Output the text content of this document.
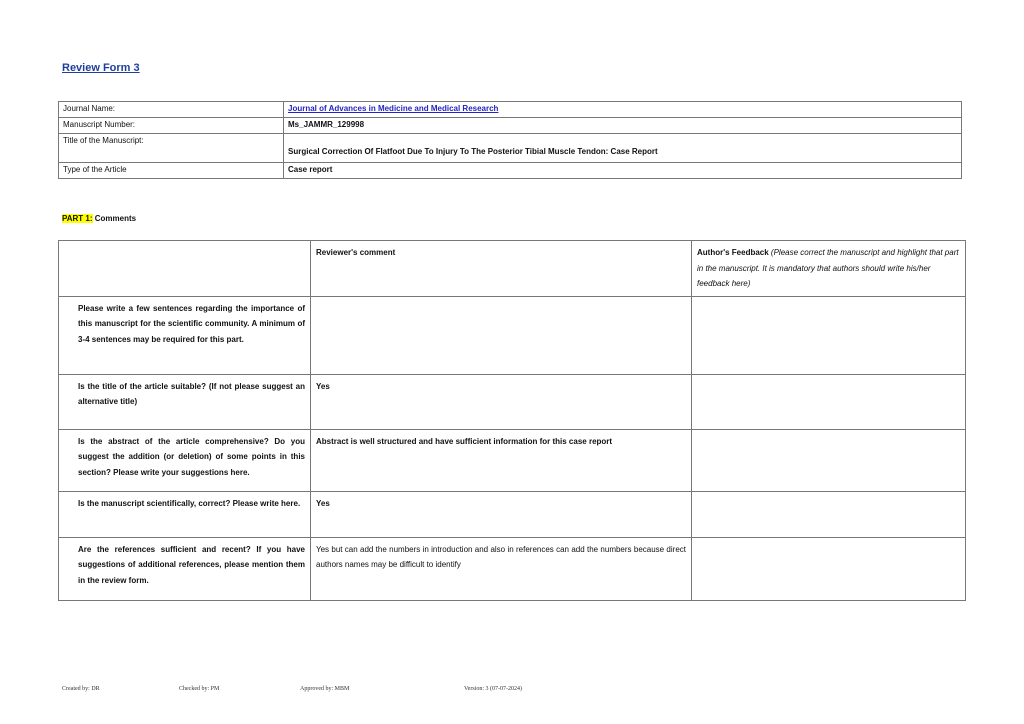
Review Form 3
Journal Name:	Journal of Advances in Medicine and Medical Research
Manuscript Number:	Ms_JAMMR_129998
Title of the Manuscript:	Surgical Correction Of Flatfoot Due To Injury To The Posterior Tibial Muscle Tendon: Case Report
Type of the Article	Case report
PART 1: Comments
	Reviewer's comment	Author's Feedback (Please correct the manuscript and highlight that part in the manuscript. It is mandatory that authors should write his/her feedback here)
Please write a few sentences regarding the importance of this manuscript for the scientific community. A minimum of 3-4 sentences may be required for this part.		
Is the title of the article suitable? (If not please suggest an alternative title)	Yes	
Is the abstract of the article comprehensive? Do you suggest the addition (or deletion) of some points in this section? Please write your suggestions here.	Abstract is well structured and have sufficient information for this case report	
Is the manuscript scientifically, correct? Please write here.	Yes	
Are the references sufficient and recent? If you have suggestions of additional references, please mention them in the review form.	Yes but can add the numbers in introduction and also in references can add the numbers because direct authors names may be difficult to identify	
Created by: DR	Checked by: PM	Approved by: MBM	Version: 3 (07-07-2024)
